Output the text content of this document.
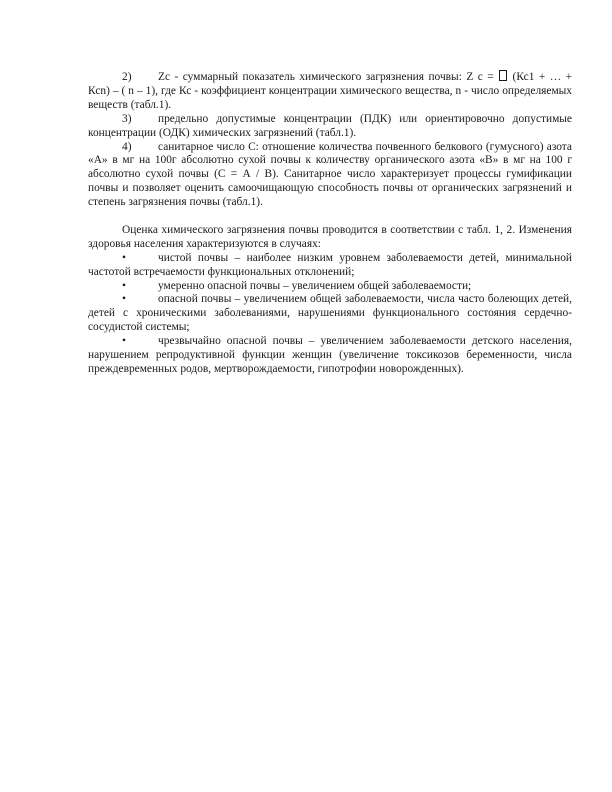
2) Zc - суммарный показатель химического загрязнения почвы: Z c =  (Кс1 + … + Ксn) – ( n – 1), где Кс - коэффициент концентрации химического вещества, n - число определяемых веществ (табл.1).

3) предельно допустимые концентрации (ПДК) или ориентировочно допустимые концентрации (ОДК) химических загрязнений (табл.1).

4) санитарное число С: отношение количества почвенного белкового (гумусного) азота «А» в мг на 100г абсолютно сухой почвы к количеству органического азота «В» в мг на 100 г абсолютно сухой почвы (С = А / В). Санитарное число характеризует процессы гумификации почвы и позволяет оценить самоочищающую способность почвы от органических загрязнений и степень загрязнения почвы (табл.1).

Оценка химического загрязнения почвы проводится в соответствии с табл. 1, 2. Изменения здоровья населения характеризуются в случаях:

•	чистой почвы – наиболее низким уровнем заболеваемости детей, минимальной частотой встречаемости функциональных отклонений;

•	умеренно опасной почвы – увеличением общей заболеваемости;

•	опасной почвы – увеличением общей заболеваемости, числа часто болеющих детей, детей с хроническими заболеваниями, нарушениями функционального состояния сердечно-сосудистой системы;

•	чрезвычайно опасной почвы – увеличением заболеваемости детского населения, нарушением репродуктивной функции женщин (увеличение токсикозов беременности, числа преждевременных родов, мертворождаемости, гипотрофии новорожденных).
